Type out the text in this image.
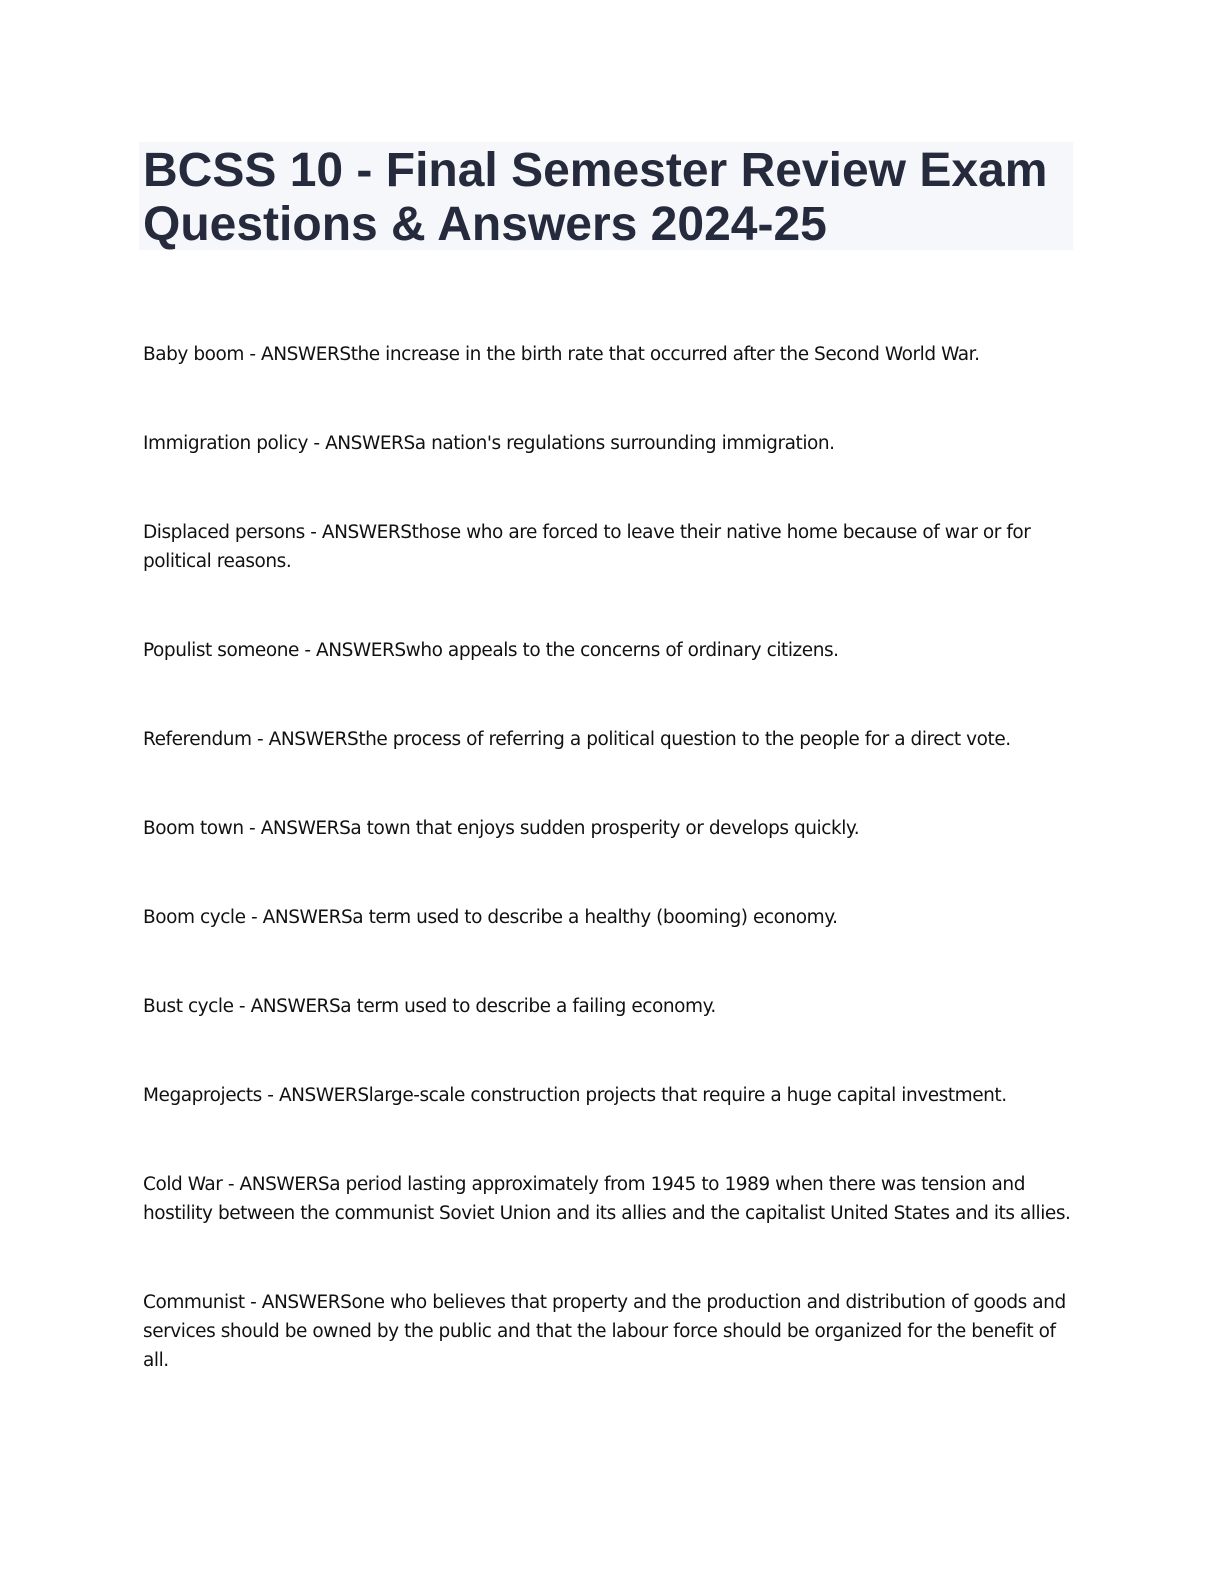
BCSS 10 - Final Semester Review Exam Questions & Answers 2024-25

Baby boom - ANSWERSthe increase in the birth rate that occurred after the Second World War.

Immigration policy - ANSWERSa nation's regulations surrounding immigration.

Displaced persons - ANSWERSthose who are forced to leave their native home because of war or for political reasons.

Populist someone - ANSWERSwho appeals to the concerns of ordinary citizens.

Referendum - ANSWERSthe process of referring a political question to the people for a direct vote.

Boom town - ANSWERSa town that enjoys sudden prosperity or develops quickly.

Boom cycle - ANSWERSa term used to describe a healthy (booming) economy.

Bust cycle - ANSWERSa term used to describe a failing economy.

Megaprojects - ANSWERSlarge-scale construction projects that require a huge capital investment.

Cold War - ANSWERSa period lasting approximately from 1945 to 1989 when there was tension and hostility between the communist Soviet Union and its allies and the capitalist United States and its allies.

Communist - ANSWERSone who believes that property and the production and distribution of goods and services should be owned by the public and that the labour force should be organized for the benefit of all.
